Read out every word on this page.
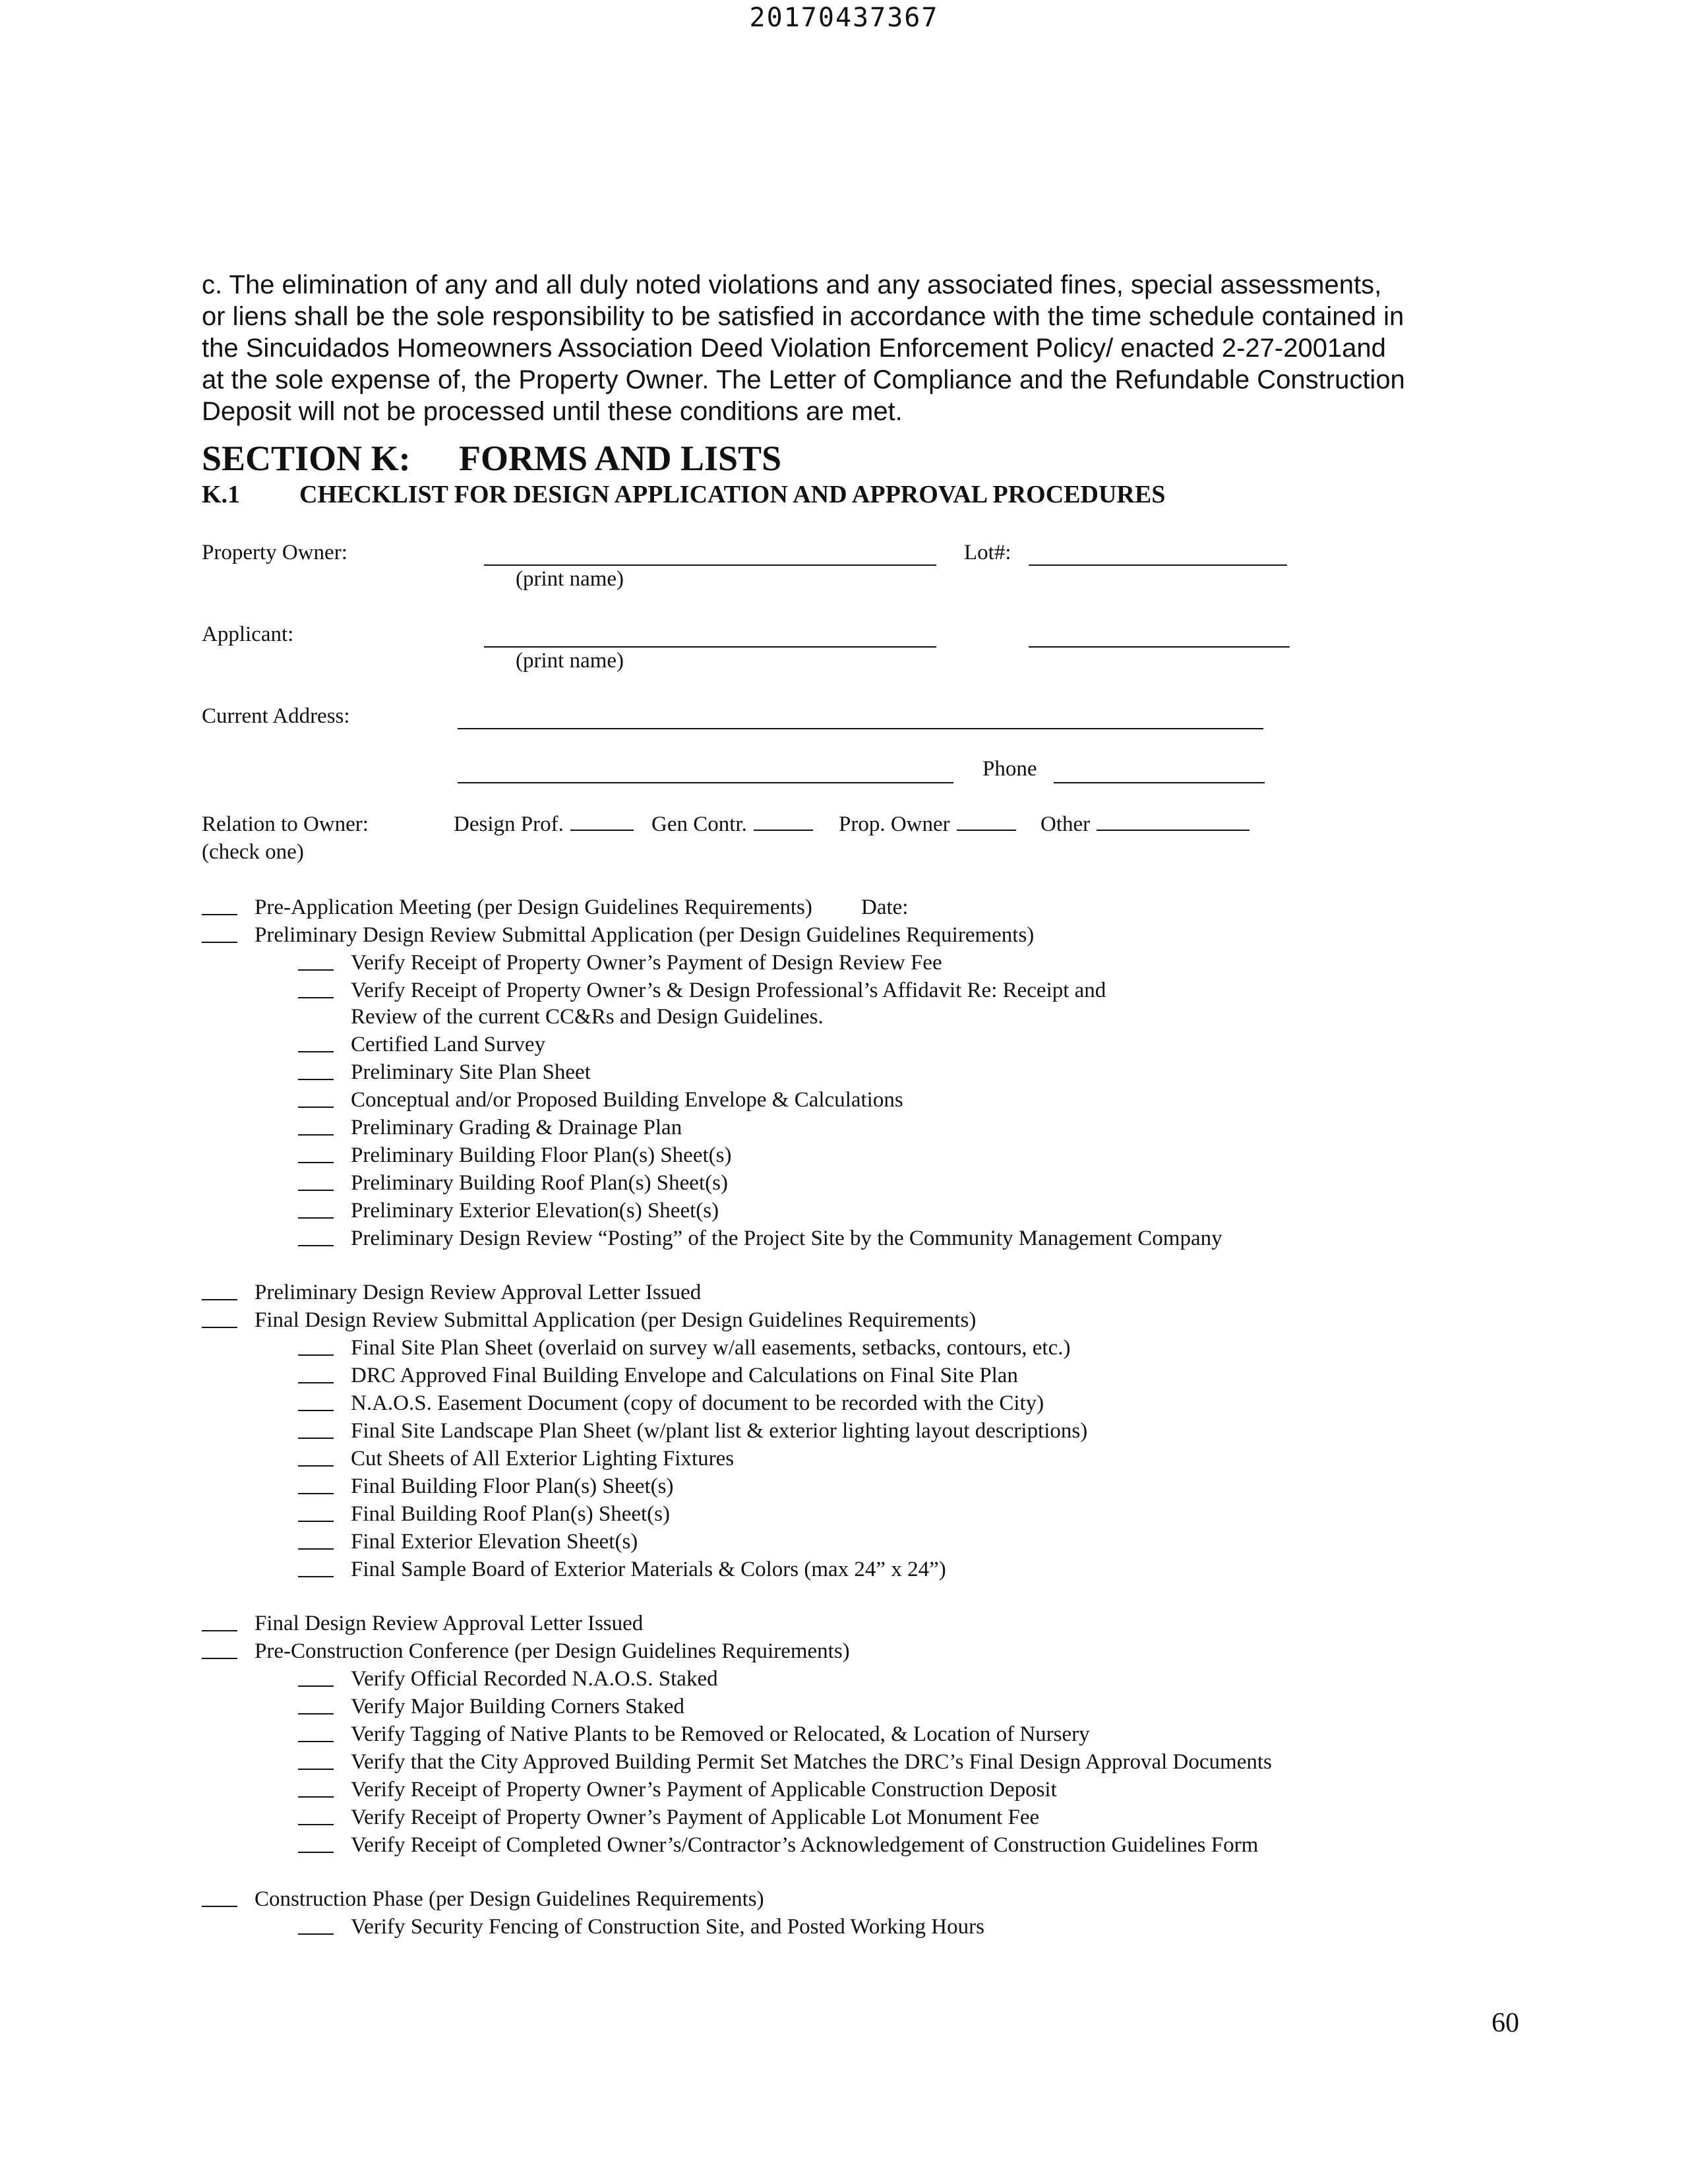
20170437367
c. The elimination of any and all duly noted violations and any associated fines, special assessments,
or liens shall be the sole responsibility to be satisfied in accordance with the time schedule contained in
the Sincuidados Homeowners Association Deed Violation Enforcement Policy/ enacted 2-27-2001and
at the sole expense of, the Property Owner. The Letter of Compliance and the Refundable Construction
Deposit will not be processed until these conditions are met.
SECTION K: FORMS AND LISTS
K.1 CHECKLIST FOR DESIGN APPLICATION AND APPROVAL PROCEDURES
Property Owner:
(print name)
Lot#:
Applicant:
(print name)
Current Address:
Phone
Relation to Owner:
(check one)
Design Prof.	Gen Contr.	Prop. Owner	Other
Pre-Application Meeting (per Design Guidelines Requirements) Date:
Preliminary Design Review Submittal Application (per Design Guidelines Requirements)
Verify Receipt of Property Owner’s Payment of Design Review Fee
Verify Receipt of Property Owner’s & Design Professional’s Affidavit Re: Receipt and
Review of the current CC&Rs and Design Guidelines.
Certified Land Survey
Preliminary Site Plan Sheet
Conceptual and/or Proposed Building Envelope & Calculations
Preliminary Grading & Drainage Plan
Preliminary Building Floor Plan(s) Sheet(s)
Preliminary Building Roof Plan(s) Sheet(s)
Preliminary Exterior Elevation(s) Sheet(s)
Preliminary Design Review “Posting” of the Project Site by the Community Management Company
Preliminary Design Review Approval Letter Issued
Final Design Review Submittal Application (per Design Guidelines Requirements)
Final Site Plan Sheet (overlaid on survey w/all easements, setbacks, contours, etc.)
DRC Approved Final Building Envelope and Calculations on Final Site Plan
N.A.O.S. Easement Document (copy of document to be recorded with the City)
Final Site Landscape Plan Sheet (w/plant list & exterior lighting layout descriptions)
Cut Sheets of All Exterior Lighting Fixtures
Final Building Floor Plan(s) Sheet(s)
Final Building Roof Plan(s) Sheet(s)
Final Exterior Elevation Sheet(s)
Final Sample Board of Exterior Materials & Colors (max 24” x 24”)
Final Design Review Approval Letter Issued
Pre-Construction Conference (per Design Guidelines Requirements)
Verify Official Recorded N.A.O.S. Staked
Verify Major Building Corners Staked
Verify Tagging of Native Plants to be Removed or Relocated, & Location of Nursery
Verify that the City Approved Building Permit Set Matches the DRC’s Final Design Approval Documents
Verify Receipt of Property Owner’s Payment of Applicable Construction Deposit
Verify Receipt of Property Owner’s Payment of Applicable Lot Monument Fee
Verify Receipt of Completed Owner’s/Contractor’s Acknowledgement of Construction Guidelines Form
Construction Phase (per Design Guidelines Requirements)
Verify Security Fencing of Construction Site, and Posted Working Hours
60
